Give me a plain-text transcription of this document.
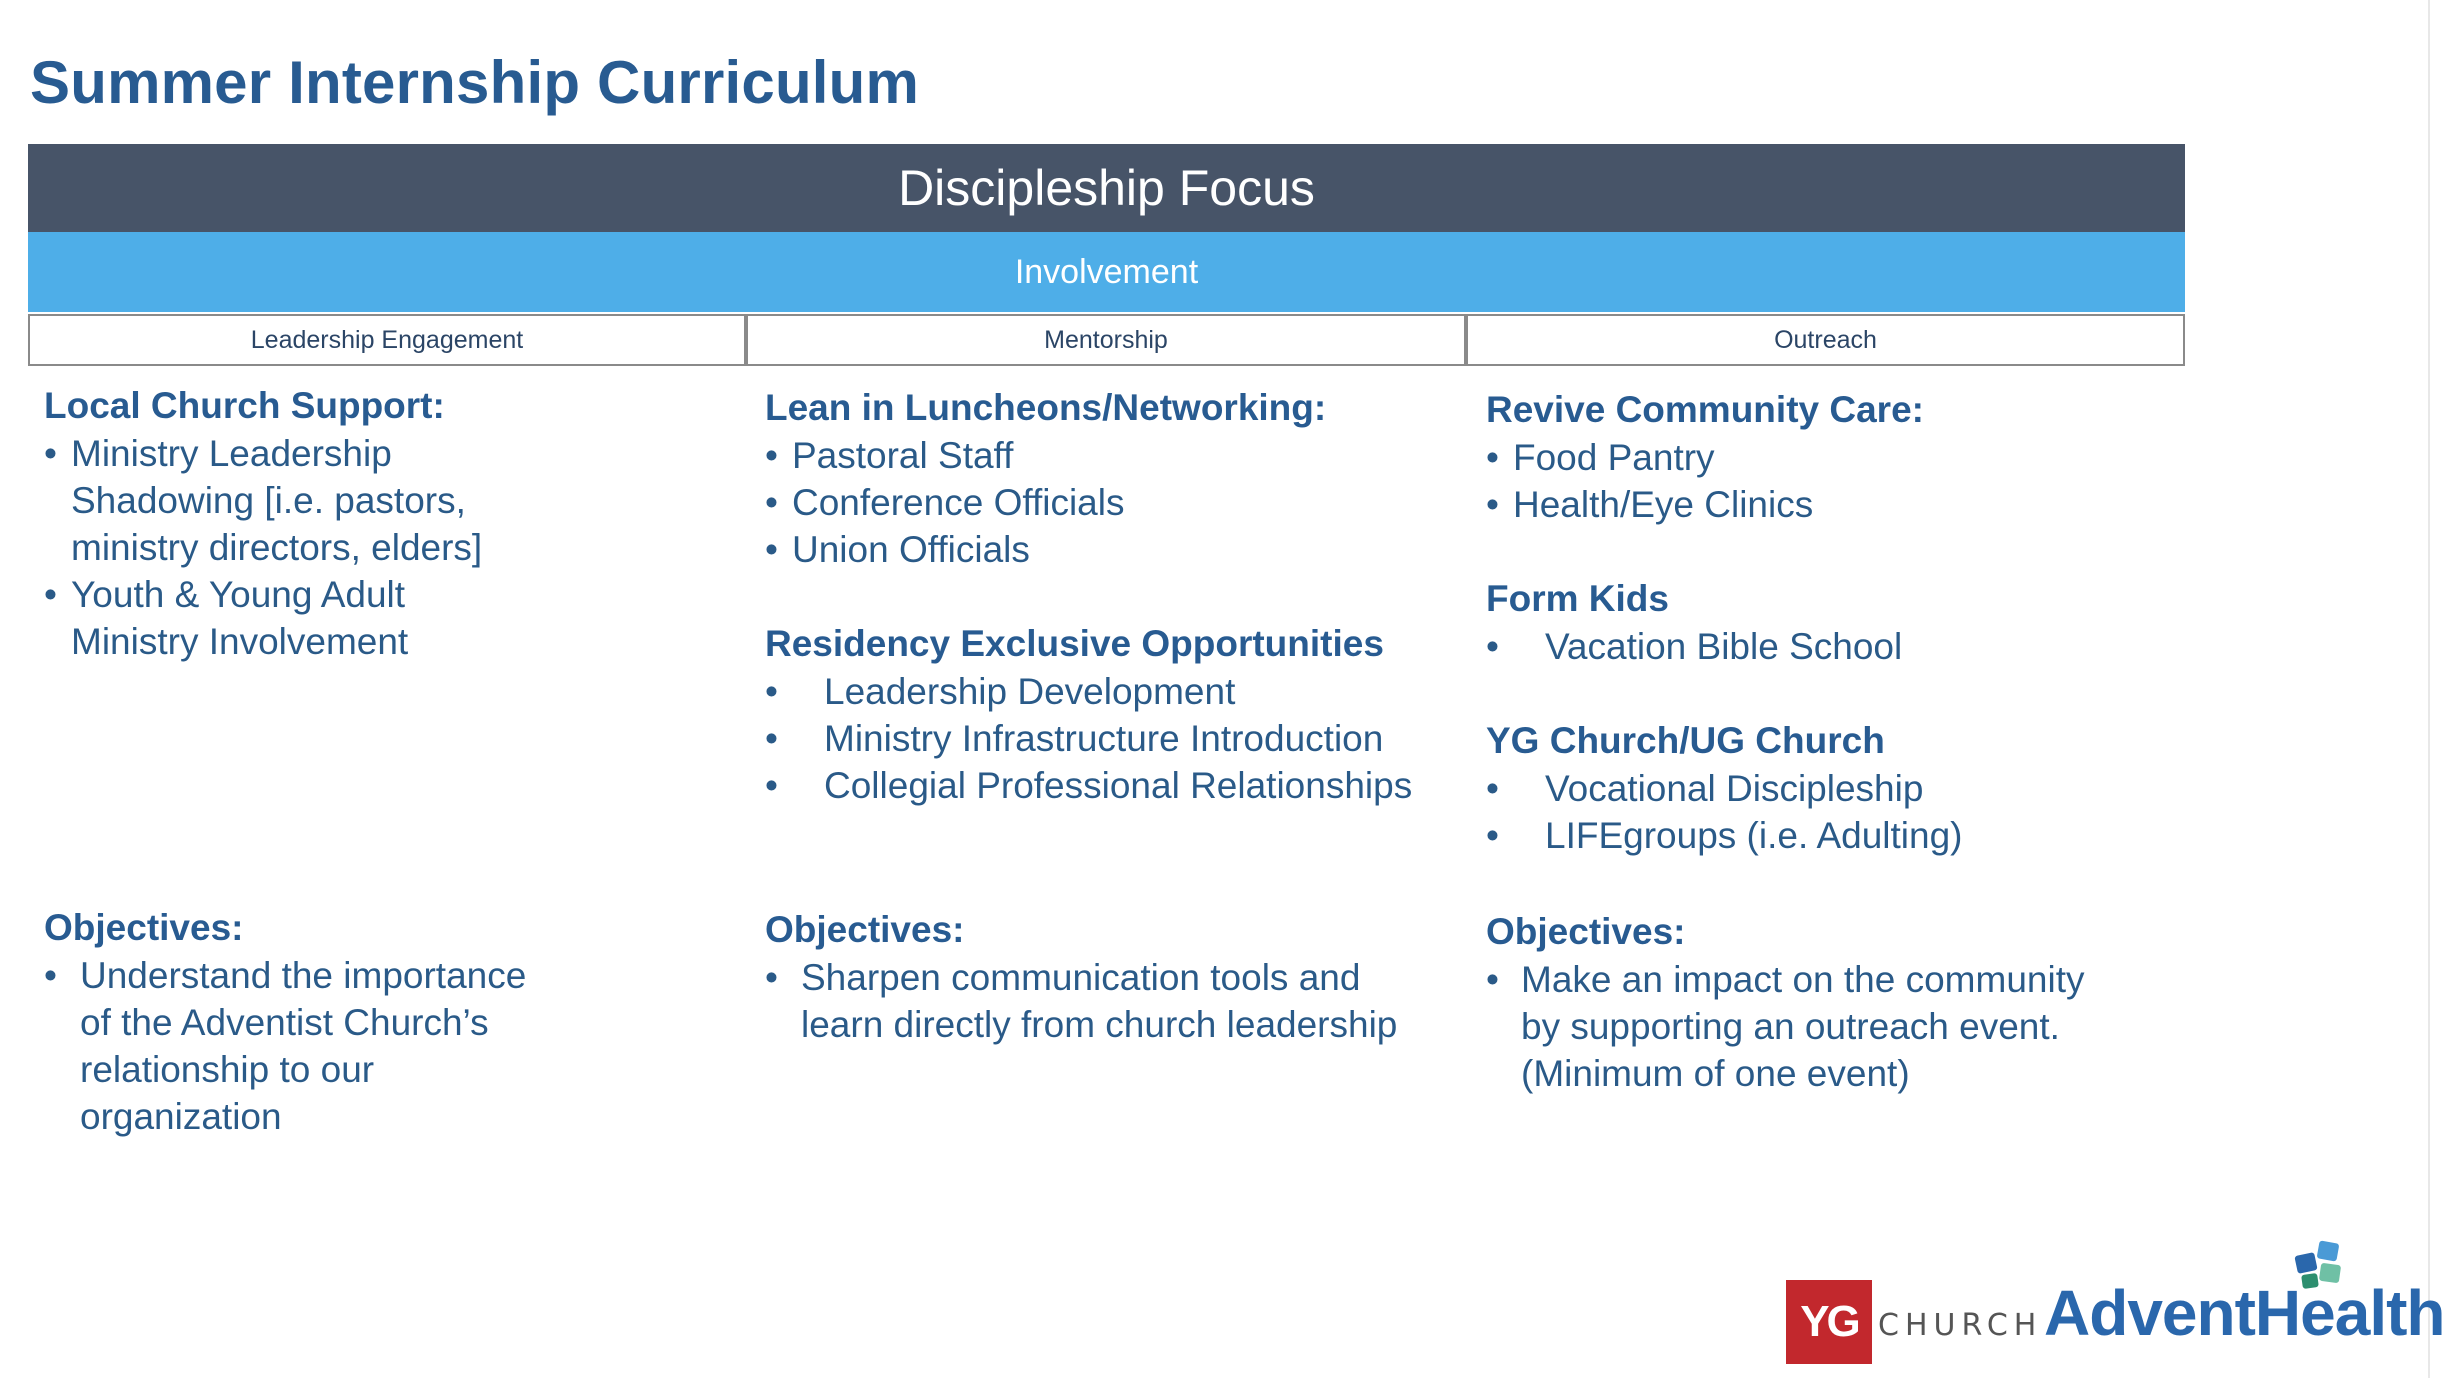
Summer Internship Curriculum
Discipleship Focus
Involvement
Leadership Engagement	Mentorship	Outreach

Local Church Support:

• Ministry Leadership
Shadowing [i.e. pastors,
ministry directors, elders]
• Youth & Young Adult
Ministry Involvement

Objectives:

• Understand the importance
of the Adventist Church’s
relationship to our
organization

Lean in Luncheons/Networking:

• Pastoral Staff
• Conference Officials
• Union Officials

Residency Exclusive Opportunities

• Leadership Development
• Ministry Infrastructure Introduction
• Collegial Professional Relationships

Objectives:

• Sharpen communication tools and
learn directly from church leadership

Revive Community Care:

• Food Pantry
• Health/Eye Clinics

Form Kids

• Vacation Bible School

YG Church/UG Church

• Vocational Discipleship
• LIFEgroups (i.e. Adulting)

Objectives:

• Make an impact on the community
by supporting an outreach event.
(Minimum of one event)
YG CHURCH AdventHealth
